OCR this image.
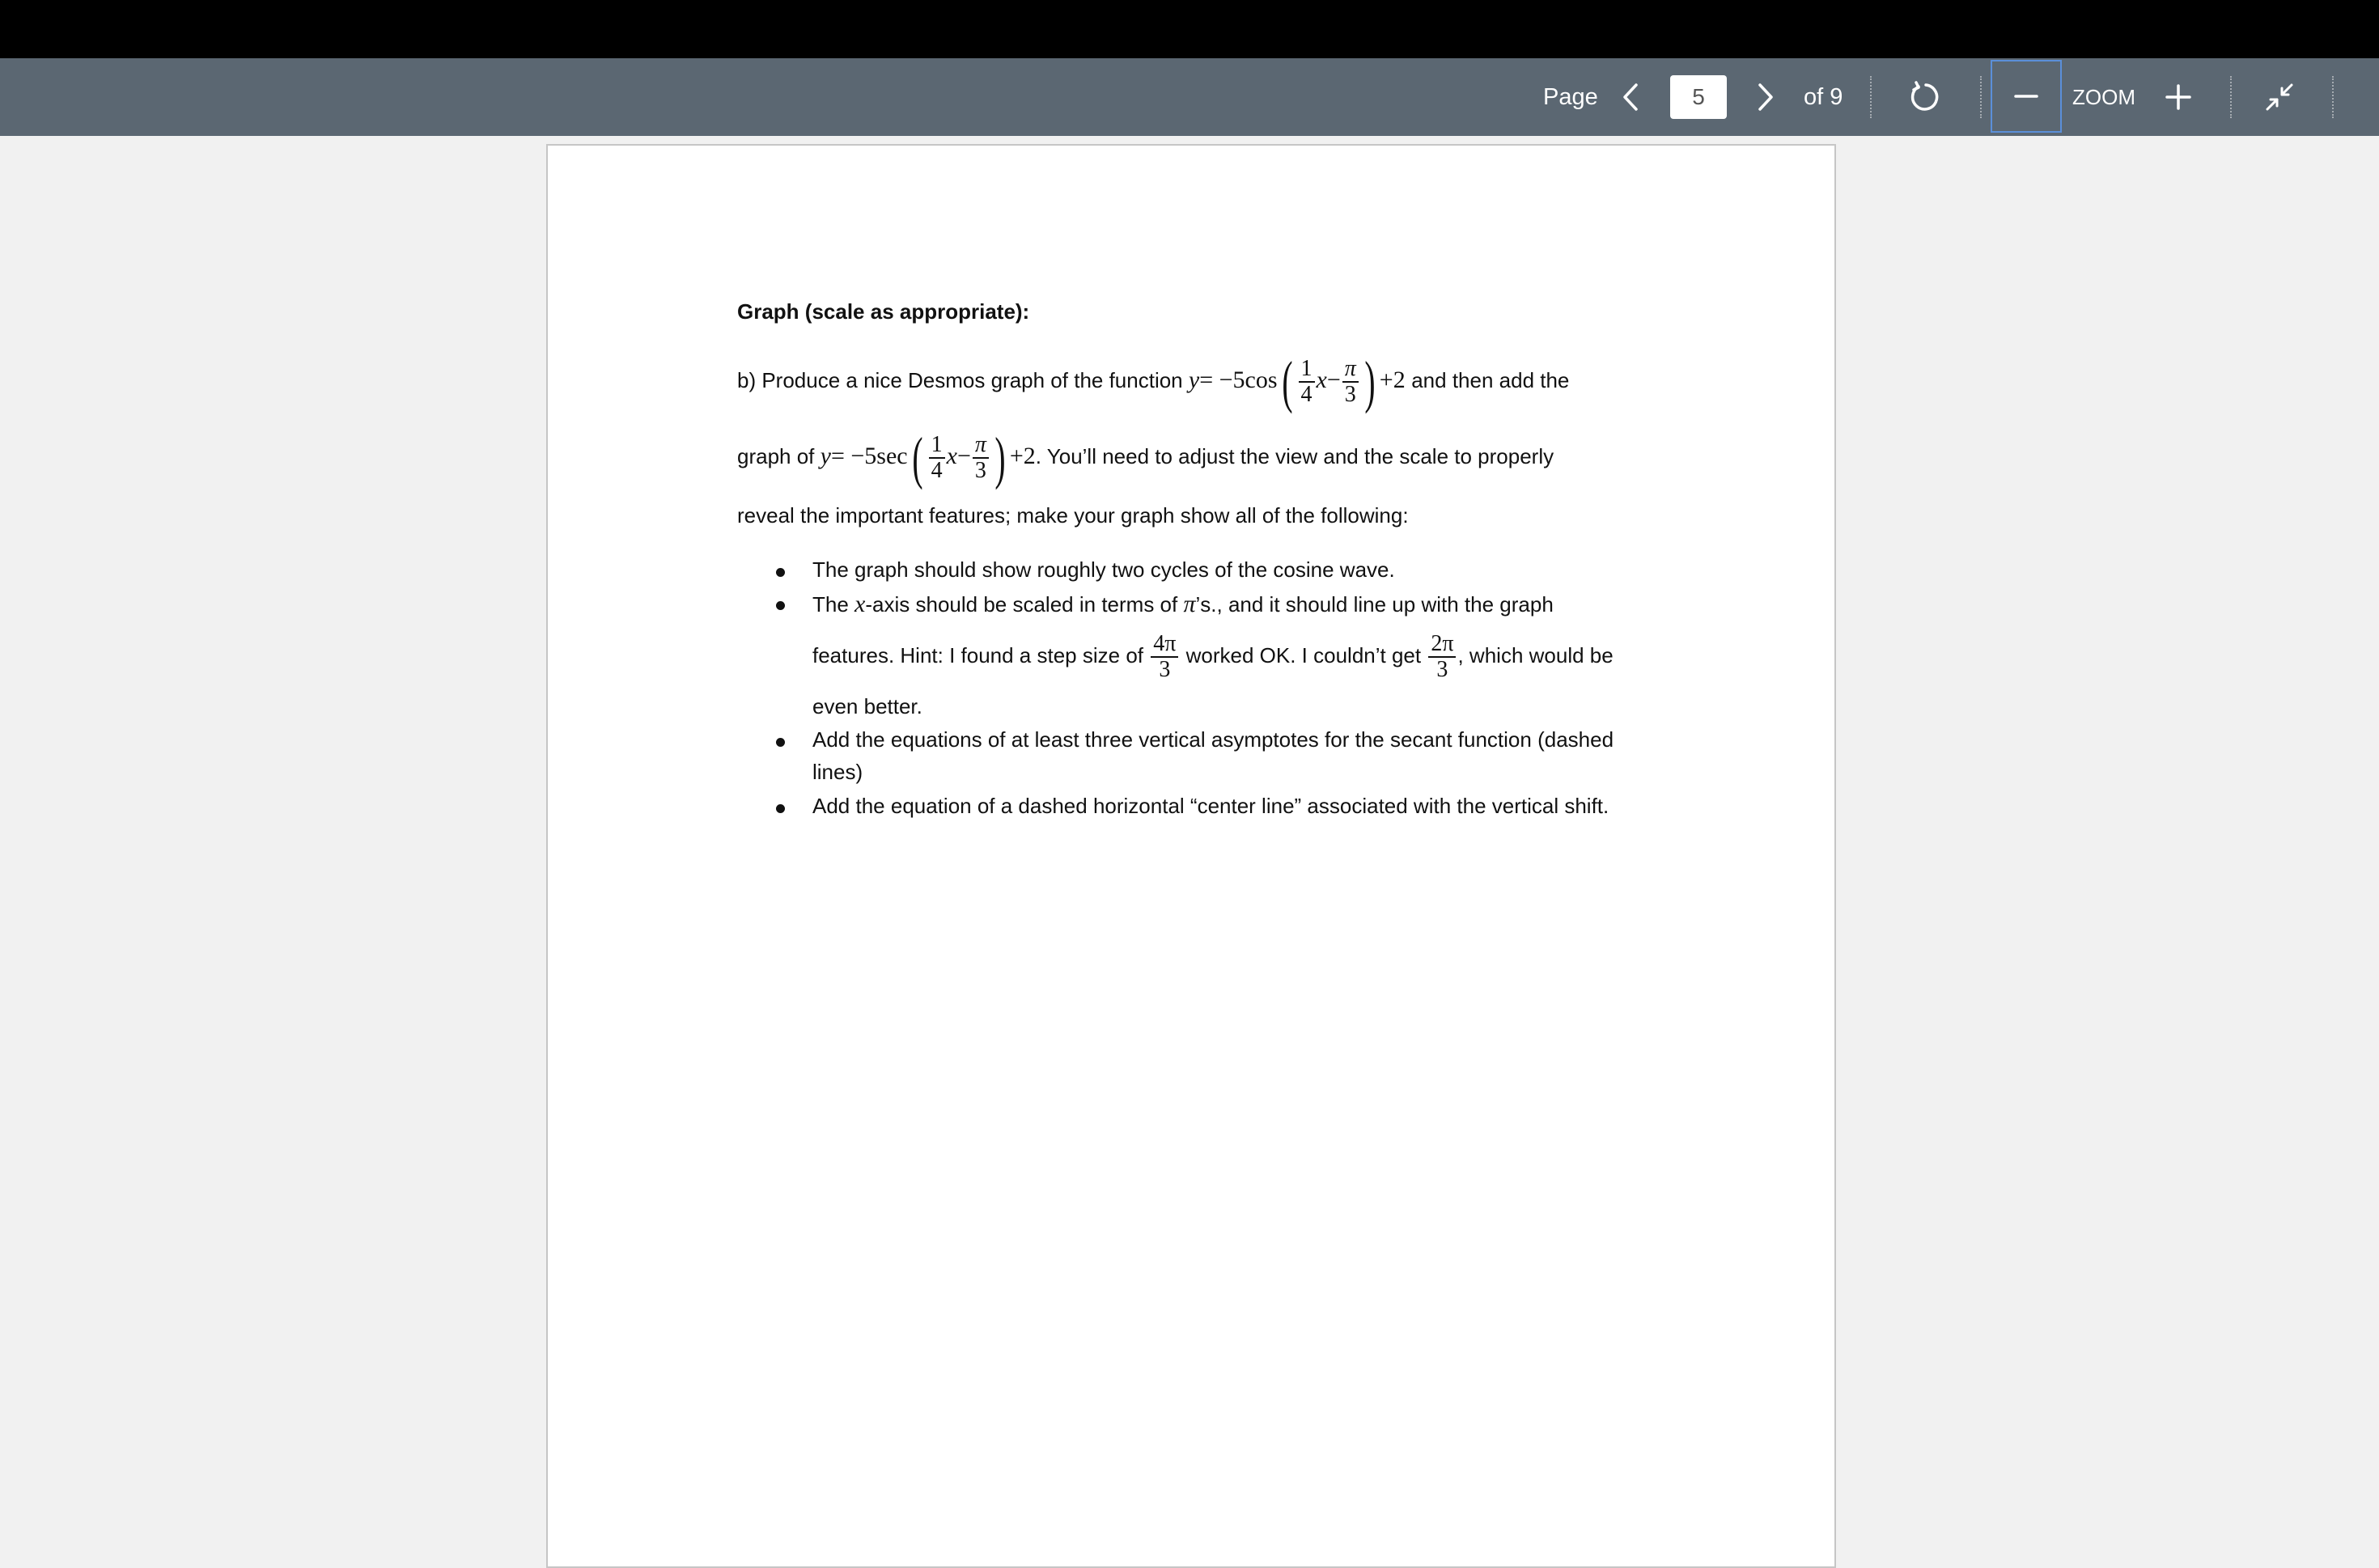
Page
5	of 9	ZOOM
Graph (scale as appropriate):
b) Produce a nice Desmos graph of the function $y= -5\cos( \frac{1}{4} x- \frac{\pi}{3}$ ) +2 and then add the
graph of $y= -5\sec( \frac{1}{4} x- \frac{\pi}{3}$ ) +2. You’ll need to adjust the view and the scale to properly
reveal the important features; make your graph show all of the following:
The graph should show roughly two cycles of the cosine wave.
The x-axis should be scaled in terms of π’s., and it should line up with the graph
features. Hint: I found a step size of $\frac{4\pi}{3}$ worked OK. I couldn’t get $\frac{2\pi}{3}$ , which would be
even better.
Add the equations of at least three vertical asymptotes for the secant function (dashed
lines)
Add the equation of a dashed horizontal “center line” associated with the vertical shift.
